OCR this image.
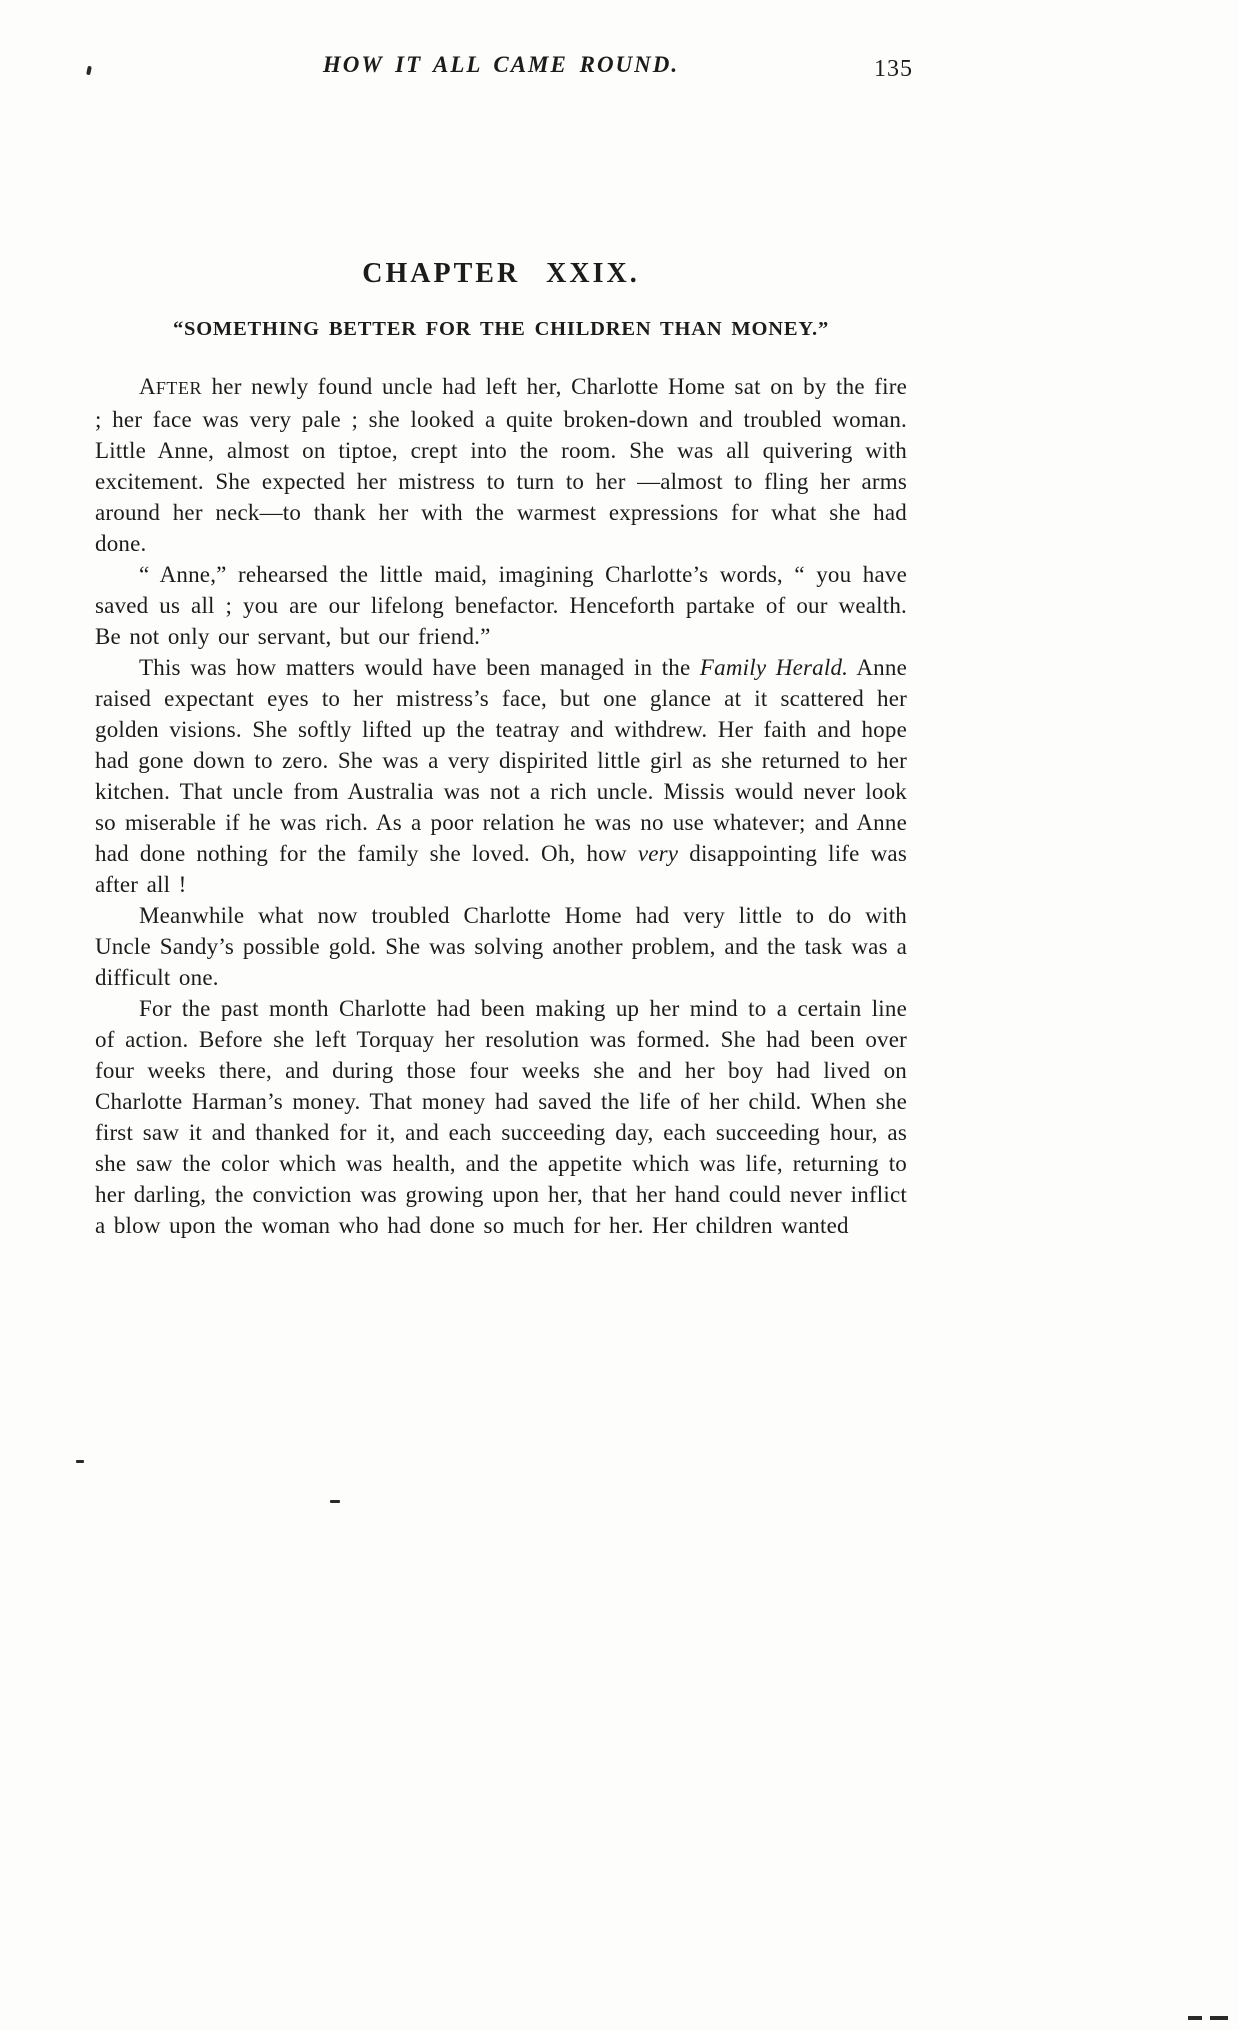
HOW IT ALL CAME ROUND.	135
CHAPTER XXIX.
“SOMETHING BETTER FOR THE CHILDREN THAN MONEY.”

AFTER her newly found uncle had left her, Charlotte Home sat on by the fire ; her face was very pale ; she looked a quite broken-down and troubled woman. Little Anne, almost on tiptoe, crept into the room. She was all quivering with excitement. She expected her mistress to turn to her —almost to fling her arms around her neck—to thank her with the warmest expressions for what she had done.

“ Anne,” rehearsed the little maid, imagining Charlotte’s words, “ you have saved us all ; you are our lifelong benefactor. Henceforth partake of our wealth. Be not only our servant, but our friend.”

This was how matters would have been managed in the Family Herald. Anne raised expectant eyes to her mistress’s face, but one glance at it scattered her golden visions. She softly lifted up the teatray and withdrew. Her faith and hope had gone down to zero. She was a very dispirited little girl as she returned to her kitchen. That uncle from Australia was not a rich uncle. Missis would never look so miserable if he was rich. As a poor relation he was no use whatever; and Anne had done nothing for the family she loved. Oh, how very disappointing life was after all !

Meanwhile what now troubled Charlotte Home had very little to do with Uncle Sandy’s possible gold. She was solving another problem, and the task was a difficult one.

For the past month Charlotte had been making up her mind to a certain line of action. Before she left Torquay her resolution was formed. She had been over four weeks there, and during those four weeks she and her boy had lived on Charlotte Harman’s money. That money had saved the life of her child. When she first saw it and thanked for it, and each succeeding day, each succeeding hour, as she saw the color which was health, and the appetite which was life, returning to her darling, the conviction was growing upon her, that her hand could never inflict a blow upon the woman who had done so much for her. Her children wanted
